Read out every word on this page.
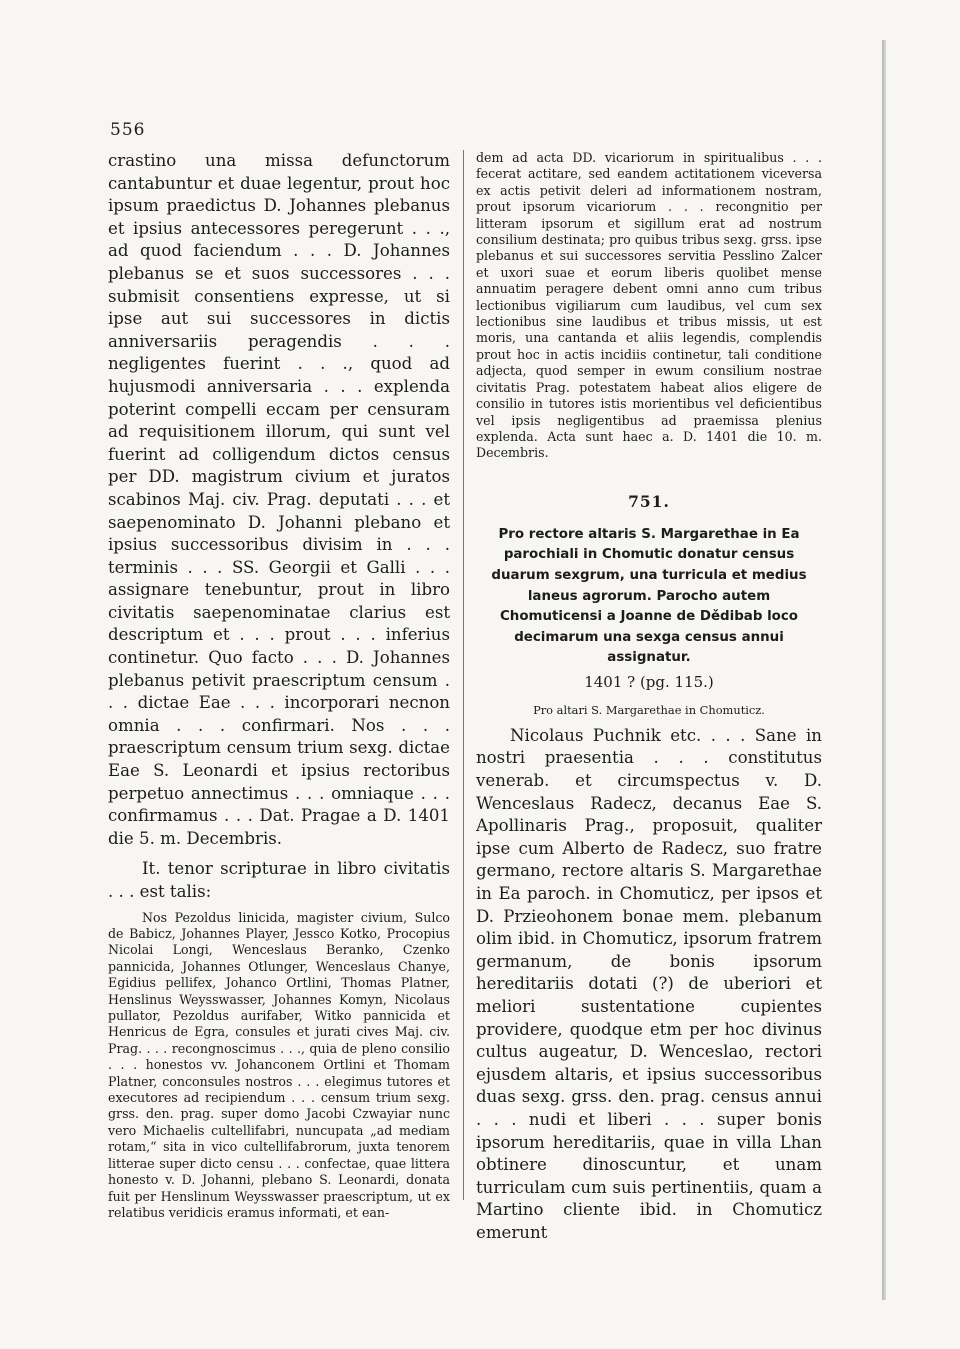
556

crastino una missa defunctorum cantabuntur et duae legentur, prout hoc ipsum praedictus D. Johannes plebanus et ipsius antecessores peregerunt . . ., ad quod faciendum . . . D. Johannes plebanus se et suos successores . . . submisit consentiens expresse, ut si ipse aut sui successores in dictis anniversariis peragendis . . . negligentes fuerint . . ., quod ad hujusmodi anniversaria . . . explenda poterint compelli eccam per censuram ad requisitionem illorum, qui sunt vel fuerint ad colligendum dictos census per DD. magistrum civium et juratos scabinos Maj. civ. Prag. deputati . . . et saepenominato D. Johanni plebano et ipsius successoribus divisim in . . . terminis . . . SS. Georgii et Galli . . . assignare tenebuntur, prout in libro civitatis saepenominatae clarius est descriptum et . . . prout . . . inferius continetur. Quo facto . . . D. Johannes plebanus petivit praescriptum censum . . . dictae Eae . . . incorporari necnon omnia . . . confirmari. Nos . . . praescriptum censum trium sexg. dictae Eae S. Leonardi et ipsius rectoribus perpetuo annectimus . . . omniaque . . . confirmamus . . . Dat. Pragae a D. 1401 die 5. m. Decembris.

It. tenor scripturae in libro civitatis . . . est talis:

Nos Pezoldus linicida, magister civium, Sulco de Babicz, Johannes Player, Jessco Kotko, Procopius Nicolai Longi, Wenceslaus Beranko, Czenko pannicida, Johannes Otlunger, Wenceslaus Chanye, Egidius pellifex, Johanco Ortlini, Thomas Platner, Henslinus Weysswasser, Johannes Komyn, Nicolaus pullator, Pezoldus aurifaber, Witko pannicida et Henricus de Egra, consules et jurati cives Maj. civ. Prag. . . . recongnoscimus . . ., quia de pleno consilio . . . honestos vv. Johanconem Ortlini et Thomam Platner, conconsules nostros . . . elegimus tutores et executores ad recipiendum . . . censum trium sexg. grss. den. prag. super domo Jacobi Czwayiar nunc vero Michaelis cultellifabri, nuncupata „ad mediam rotam,“ sita in vico cultellifabrorum, juxta tenorem litterae super dicto censu . . . confectae, quae littera honesto v. D. Johanni, plebano S. Leonardi, donata fuit per Henslinum Weysswasser praescriptum, ut ex relatibus veridicis eramus informati, et ean-

dem ad acta DD. vicariorum in spiritualibus . . . fecerat actitare, sed eandem actitationem viceversa ex actis petivit deleri ad informationem nostram, prout ipsorum vicariorum . . . recongnitio per litteram ipsorum et sigillum erat ad nostrum consilium destinata; pro quibus tribus sexg. grss. ipse plebanus et sui successores servitia Pesslino Zalcer et uxori suae et eorum liberis quolibet mense annuatim peragere debent omni anno cum tribus lectionibus vigiliarum cum laudibus, vel cum sex lectionibus sine laudibus et tribus missis, ut est moris, una cantanda et aliis legendis, complendis prout hoc in actis incidiis continetur, tali conditione adjecta, quod semper in ewum consilium nostrae civitatis Prag. potestatem habeat alios eligere de consilio in tutores istis morientibus vel deficientibus vel ipsis negligentibus ad praemissa plenius explenda. Acta sunt haec a. D. 1401 die 10. m. Decembris.

751.

Pro rectore altaris S. Margarethae in Ea parochiali in Chomutic donatur census duarum sexgrum, una turricula et medius laneus agrorum. Parocho autem Chomuticensi a Joanne de Dědibab loco decimarum una sexga census annui assignatur.

1401 ? (pg. 115.)
Pro altari S. Margarethae in Chomuticz.

Nicolaus Puchnik etc. . . . Sane in nostri praesentia . . . constitutus venerab. et circumspectus v. D. Wenceslaus Radecz, decanus Eae S. Apollinaris Prag., proposuit, qualiter ipse cum Alberto de Radecz, suo fratre germano, rectore altaris S. Margarethae in Ea paroch. in Chomuticz, per ipsos et D. Przieohonem bonae mem. plebanum olim ibid. in Chomuticz, ipsorum fratrem germanum, de bonis ipsorum hereditariis dotati (?) de uberiori et meliori sustentatione cupientes providere, quodque etm per hoc divinus cultus augeatur, D. Wenceslao, rectori ejusdem altaris, et ipsius successoribus duas sexg. grss. den. prag. census annui . . . nudi et liberi . . . super bonis ipsorum hereditariis, quae in villa Lhan obtinere dinoscuntur, et unam turriculam cum suis pertinentiis, quam a Martino cliente ibid. in Chomuticz emerunt
